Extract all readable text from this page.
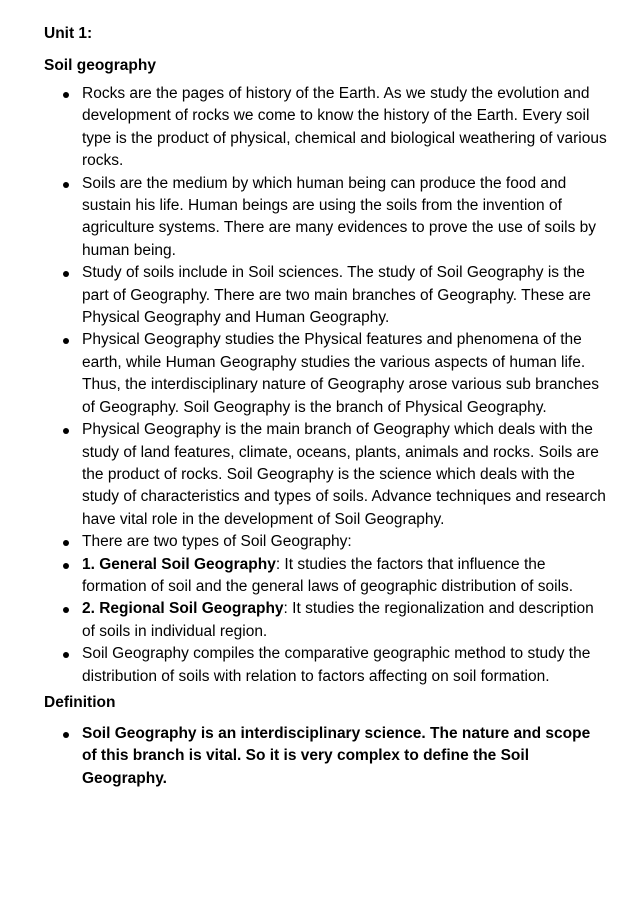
Unit 1:

Soil geography

Rocks are the pages of history of the Earth. As we study the evolution and development of rocks we come to know the history of the Earth. Every soil type is the product of physical, chemical and biological weathering of various rocks.
Soils are the medium by which human being can produce the food and sustain his life. Human beings are using the soils from the invention of agriculture systems. There are many evidences to prove the use of soils by human being.
Study of soils include in Soil sciences. The study of Soil Geography is the part of Geography. There are two main branches of Geography. These are Physical Geography and Human Geography.
Physical Geography studies the Physical features and phenomena of the earth, while Human Geography studies the various aspects of human life. Thus, the interdisciplinary nature of Geography arose various sub branches of Geography. Soil Geography is the branch of Physical Geography.
Physical Geography is the main branch of Geography which deals with the study of land features, climate, oceans, plants, animals and rocks. Soils are the product of rocks. Soil Geography is the science which deals with the study of characteristics and types of soils. Advance techniques and research have vital role in the development of Soil Geography.
There are two types of Soil Geography:
1. General Soil Geography: It studies the factors that influence the formation of soil and the general laws of geographic distribution of soils.
2. Regional Soil Geography: It studies the regionalization and description of soils in individual region.
Soil Geography compiles the comparative geographic method to study the distribution of soils with relation to factors affecting on soil formation.

Definition

Soil Geography is an interdisciplinary science. The nature and scope of this branch is vital. So it is very complex to define the Soil Geography.
